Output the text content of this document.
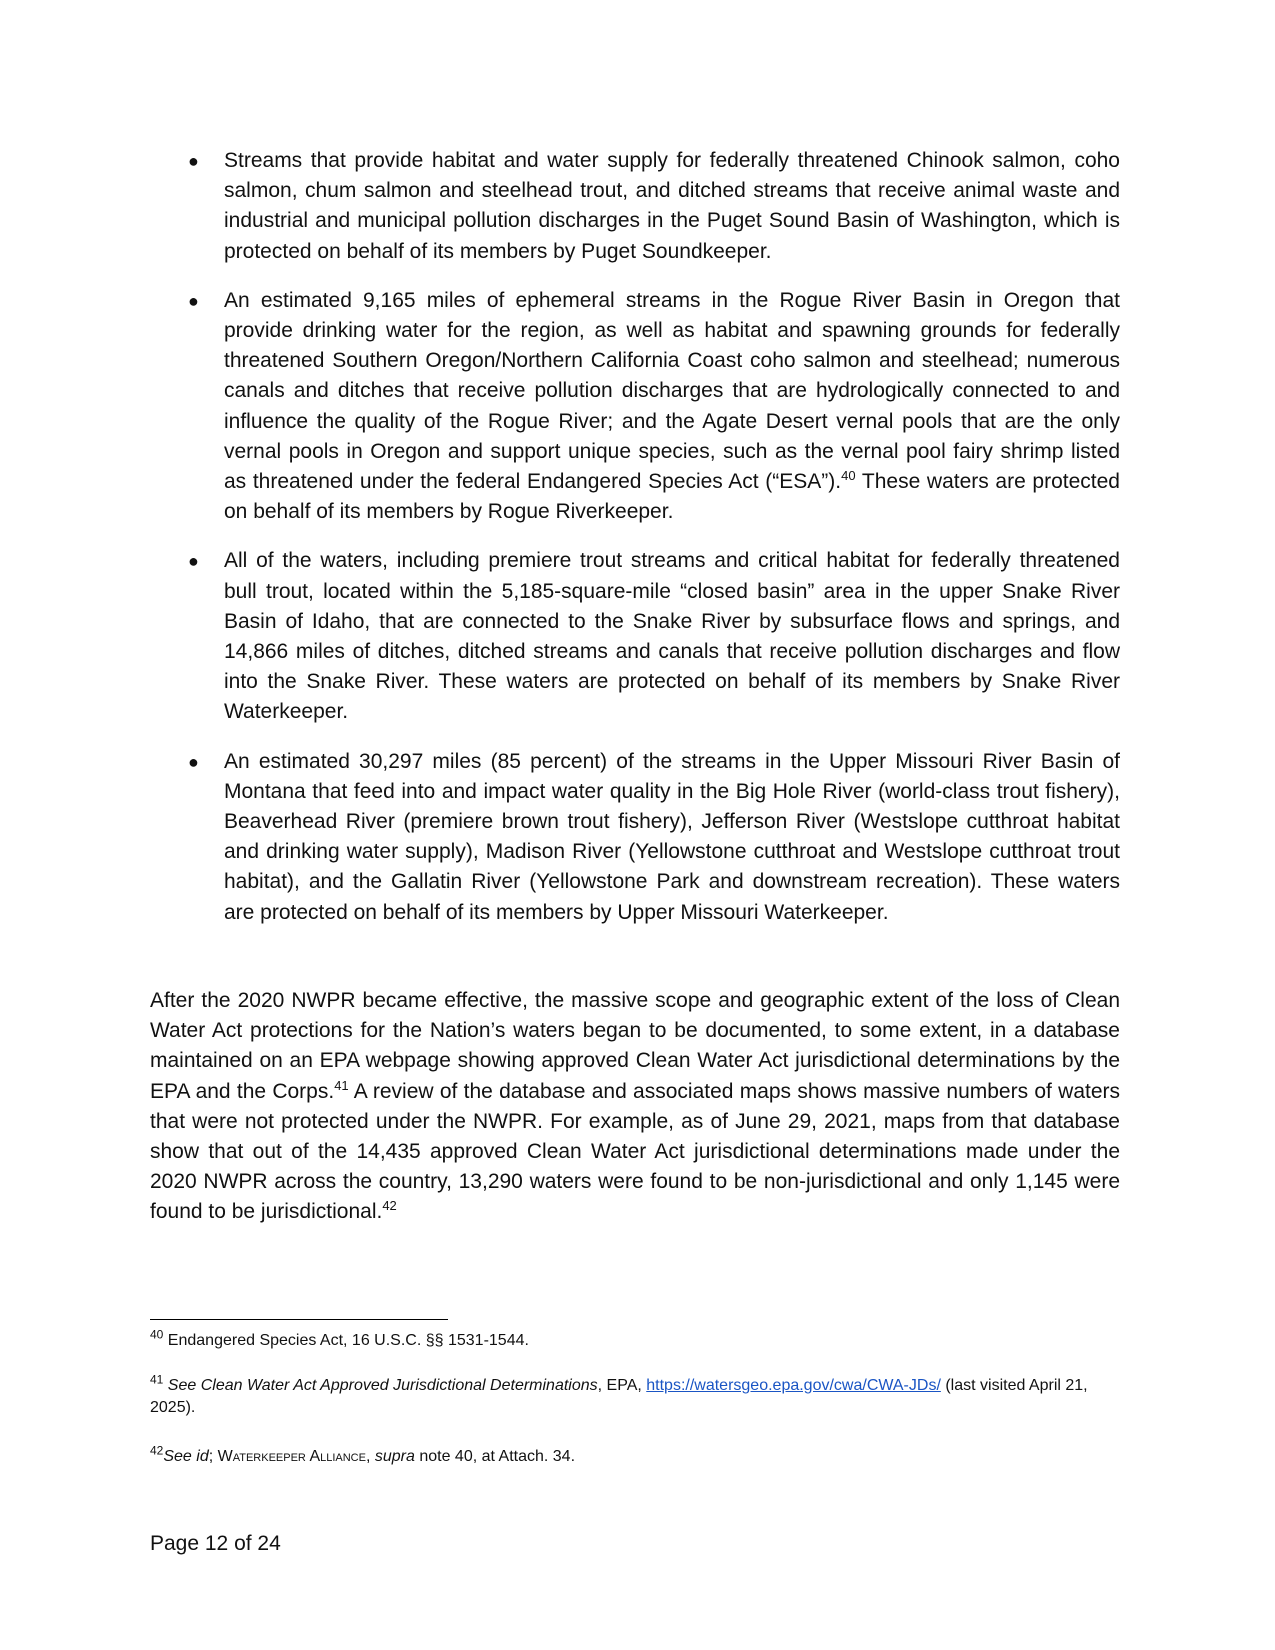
● Streams that provide habitat and water supply for federally threatened Chinook salmon, coho salmon, chum salmon and steelhead trout, and ditched streams that receive animal waste and industrial and municipal pollution discharges in the Puget Sound Basin of Washington, which is protected on behalf of its members by Puget Soundkeeper.
● An estimated 9,165 miles of ephemeral streams in the Rogue River Basin in Oregon that provide drinking water for the region, as well as habitat and spawning grounds for federally threatened Southern Oregon/Northern California Coast coho salmon and steelhead; numerous canals and ditches that receive pollution discharges that are hydrologically connected to and influence the quality of the Rogue River; and the Agate Desert vernal pools that are the only vernal pools in Oregon and support unique species, such as the vernal pool fairy shrimp listed as threatened under the federal Endangered Species Act (“ESA”).$^{40}$ These waters are protected on behalf of its members by Rogue Riverkeeper.
● All of the waters, including premiere trout streams and critical habitat for federally threatened bull trout, located within the 5,185-square-mile “closed basin” area in the upper Snake River Basin of Idaho, that are connected to the Snake River by subsurface flows and springs, and 14,866 miles of ditches, ditched streams and canals that receive pollution discharges and flow into the Snake River. These waters are protected on behalf of its members by Snake River Waterkeeper.
● An estimated 30,297 miles (85 percent) of the streams in the Upper Missouri River Basin of Montana that feed into and impact water quality in the Big Hole River (world-class trout fishery), Beaverhead River (premiere brown trout fishery), Jefferson River (Westslope cutthroat habitat and drinking water supply), Madison River (Yellowstone cutthroat and Westslope cutthroat trout habitat), and the Gallatin River (Yellowstone Park and downstream recreation). These waters are protected on behalf of its members by Upper Missouri Waterkeeper.

After the 2020 NWPR became effective, the massive scope and geographic extent of the loss of Clean Water Act protections for the Nation’s waters began to be documented, to some extent, in a database maintained on an EPA webpage showing approved Clean Water Act jurisdictional determinations by the EPA and the Corps.$^{41}$ A review of the database and associated maps shows massive numbers of waters that were not protected under the NWPR. For example, as of June 29, 2021, maps from that database show that out of the 14,435 approved Clean Water Act jurisdictional determinations made under the 2020 NWPR across the country, 13,290 waters were found to be non-jurisdictional and only 1,145 were found to be jurisdictional.$^{42}$

$^{40}$ Endangered Species Act, 16 U.S.C. §§ 1531-1544.

$^{41}$ See Clean Water Act Approved Jurisdictional Determinations, EPA, https://watersgeo.epa.gov/cwa/CWA-JDs/ (last visited April 21, 2025).

$^{42}$See id; Waterkeeper Alliance, supra note 40, at Attach. 34.

Page 12 of 24
